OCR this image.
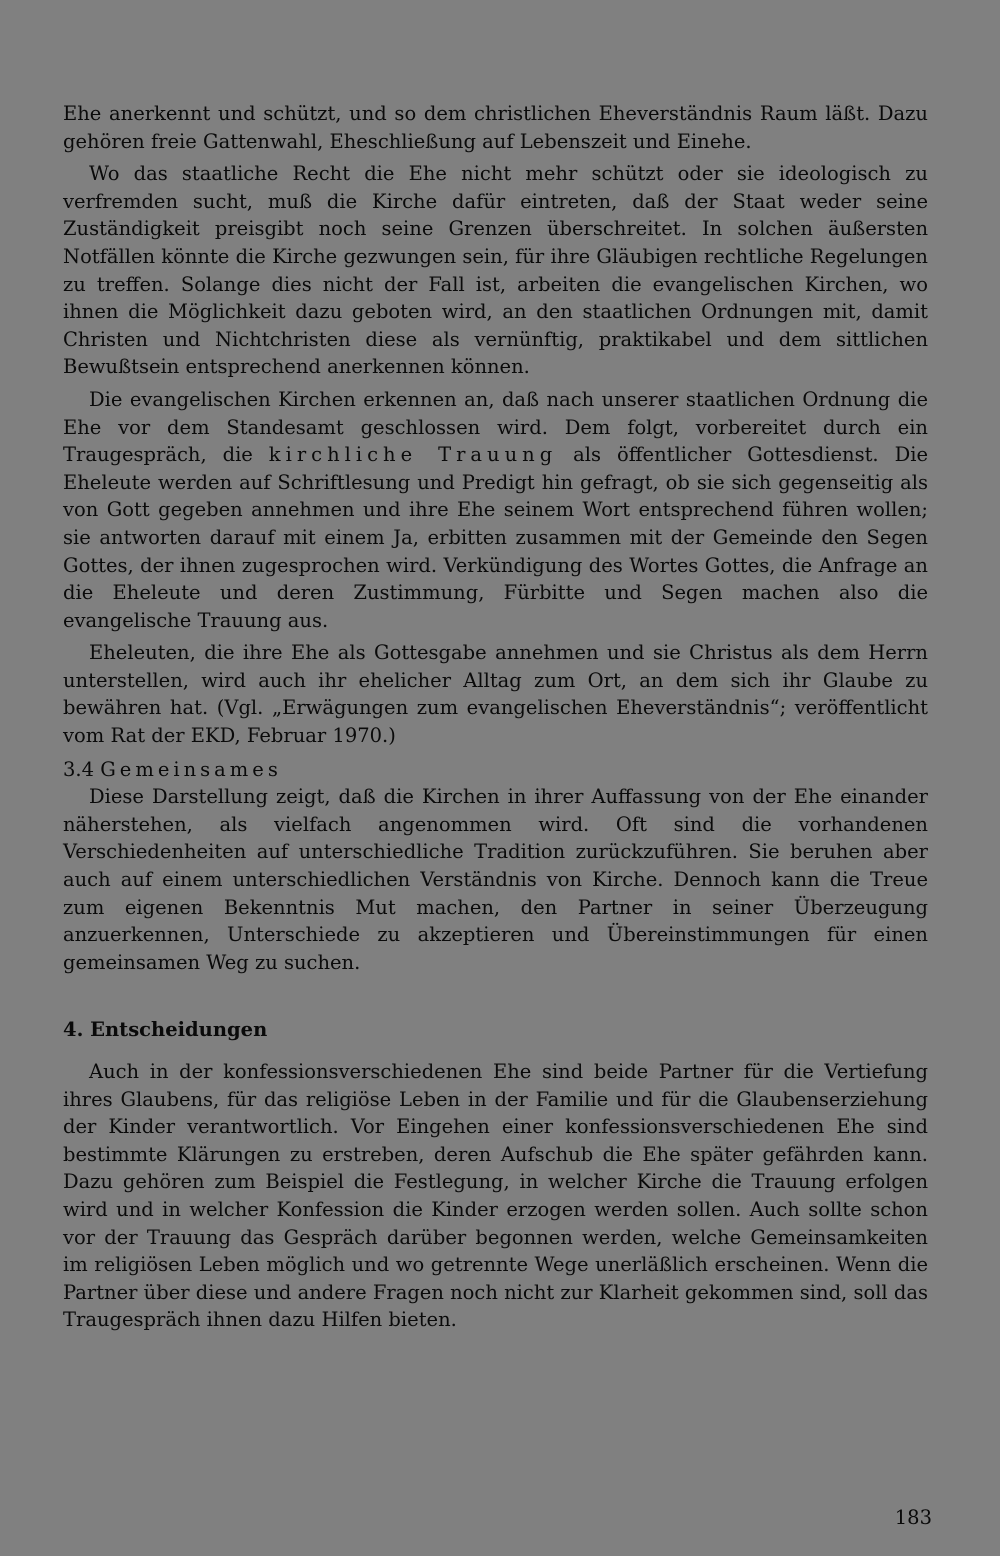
Ehe anerkennt und schützt, und so dem christlichen Eheverständnis Raum läßt. Dazu gehören freie Gattenwahl, Eheschließung auf Lebenszeit und Einehe.

Wo das staatliche Recht die Ehe nicht mehr schützt oder sie ideologisch zu verfremden sucht, muß die Kirche dafür eintreten, daß der Staat weder seine Zuständigkeit preisgibt noch seine Grenzen überschreitet. In solchen äußersten Notfällen könnte die Kirche gezwungen sein, für ihre Gläubigen rechtliche Regelungen zu treffen. Solange dies nicht der Fall ist, arbeiten die evangelischen Kirchen, wo ihnen die Möglichkeit dazu geboten wird, an den staatlichen Ordnungen mit, damit Christen und Nichtchristen diese als vernünftig, praktikabel und dem sittlichen Bewußtsein entsprechend anerkennen können.

Die evangelischen Kirchen erkennen an, daß nach unserer staatlichen Ordnung die Ehe vor dem Standesamt geschlossen wird. Dem folgt, vorbereitet durch ein Traugespräch, die kirchliche Trauung als öffentlicher Gottesdienst. Die Eheleute werden auf Schriftlesung und Predigt hin gefragt, ob sie sich gegenseitig als von Gott gegeben annehmen und ihre Ehe seinem Wort entsprechend führen wollen; sie antworten darauf mit einem Ja, erbitten zusammen mit der Gemeinde den Segen Gottes, der ihnen zugesprochen wird. Verkündigung des Wortes Gottes, die Anfrage an die Eheleute und deren Zustimmung, Fürbitte und Segen machen also die evangelische Trauung aus.

Eheleuten, die ihre Ehe als Gottesgabe annehmen und sie Christus als dem Herrn unterstellen, wird auch ihr ehelicher Alltag zum Ort, an dem sich ihr Glaube zu bewähren hat. (Vgl. „Erwägungen zum evangelischen Eheverständnis“; veröffentlicht vom Rat der EKD, Februar 1970.)

3.4 Gemeinsames

Diese Darstellung zeigt, daß die Kirchen in ihrer Auffassung von der Ehe einander näherstehen, als vielfach angenommen wird. Oft sind die vorhandenen Verschiedenheiten auf unterschiedliche Tradition zurückzuführen. Sie beruhen aber auch auf einem unterschiedlichen Verständnis von Kirche. Dennoch kann die Treue zum eigenen Bekenntnis Mut machen, den Partner in seiner Überzeugung anzuerkennen, Unterschiede zu akzeptieren und Übereinstimmungen für einen gemeinsamen Weg zu suchen.

4. Entscheidungen

Auch in der konfessionsverschiedenen Ehe sind beide Partner für die Vertiefung ihres Glaubens, für das religiöse Leben in der Familie und für die Glaubenserziehung der Kinder verantwortlich. Vor Eingehen einer konfessionsverschiedenen Ehe sind bestimmte Klärungen zu erstreben, deren Aufschub die Ehe später gefährden kann. Dazu gehören zum Beispiel die Festlegung, in welcher Kirche die Trauung erfolgen wird und in welcher Konfession die Kinder erzogen werden sollen. Auch sollte schon vor der Trauung das Gespräch darüber begonnen werden, welche Gemeinsamkeiten im religiösen Leben möglich und wo getrennte Wege unerläßlich erscheinen. Wenn die Partner über diese und andere Fragen noch nicht zur Klarheit gekommen sind, soll das Traugespräch ihnen dazu Hilfen bieten.

183
